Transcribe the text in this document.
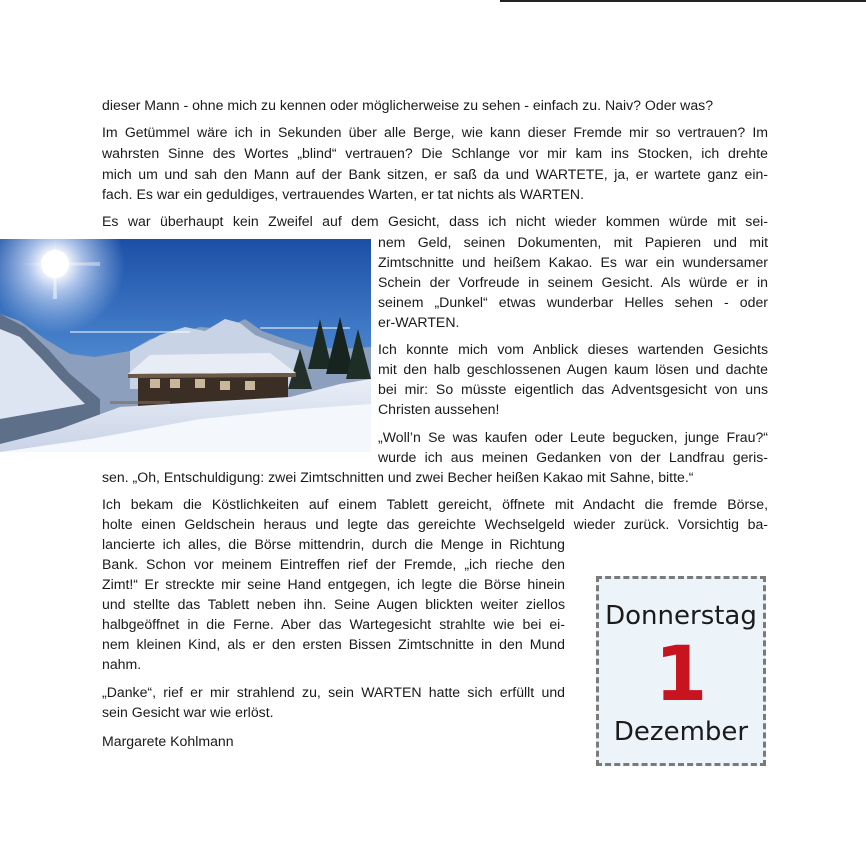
dieser Mann - ohne mich zu kennen oder möglicherweise zu sehen - einfach zu. Naiv? Oder was?
Im Getümmel wäre ich in Sekunden über alle Berge, wie kann dieser Fremde mir so vertrauen? Im
wahrsten Sinne des Wortes „blind“ vertrauen? Die Schlange vor mir kam ins Stocken, ich drehte
mich um und sah den Mann auf der Bank sitzen, er saß da und WARTETE, ja, er wartete ganz ein-
fach. Es war ein geduldiges, vertrauendes Warten, er tat nichts als WARTEN.
Es war überhaupt kein Zweifel auf dem Gesicht, dass ich nicht wieder kommen würde mit sei-
nem Geld, seinen Dokumenten, mit Papieren und mit
Zimtschnitte und heißem Kakao. Es war ein wundersamer
Schein der Vorfreude in seinem Gesicht. Als würde er in
seinem „Dunkel“ etwas wunderbar Helles sehen - oder
er-WARTEN.
Ich konnte mich vom Anblick dieses wartenden Gesichts
mit den halb geschlossenen Augen kaum lösen und dachte
bei mir: So müsste eigentlich das Adventsgesicht von uns
Christen aussehen!
„Woll’n Se was kaufen oder Leute begucken, junge Frau?“
wurde ich aus meinen Gedanken von der Landfrau geris-
sen. „Oh, Entschuldigung: zwei Zimtschnitten und zwei Becher heißen Kakao mit Sahne, bitte.“
Ich bekam die Köstlichkeiten auf einem Tablett gereicht, öffnete mit Andacht die fremde Börse,
holte einen Geldschein heraus und legte das gereichte Wechselgeld wieder zurück. Vorsichtig ba-
lancierte ich alles, die Börse mittendrin, durch die Menge in Richtung
Bank. Schon vor meinem Eintreffen rief der Fremde, „ich rieche den
Zimt!“ Er streckte mir seine Hand entgegen, ich legte die Börse hinein
und stellte das Tablett neben ihn. Seine Augen blickten weiter ziellos
halbgeöffnet in die Ferne. Aber das Wartegesicht strahlte wie bei ei-
nem kleinen Kind, als er den ersten Bissen Zimtschnitte in den Mund
nahm.
„Danke“, rief er mir strahlend zu, sein WARTEN hatte sich erfüllt und
sein Gesicht war wie erlöst.
Margarete Kohlmann
Donnerstag
1
Dezember
